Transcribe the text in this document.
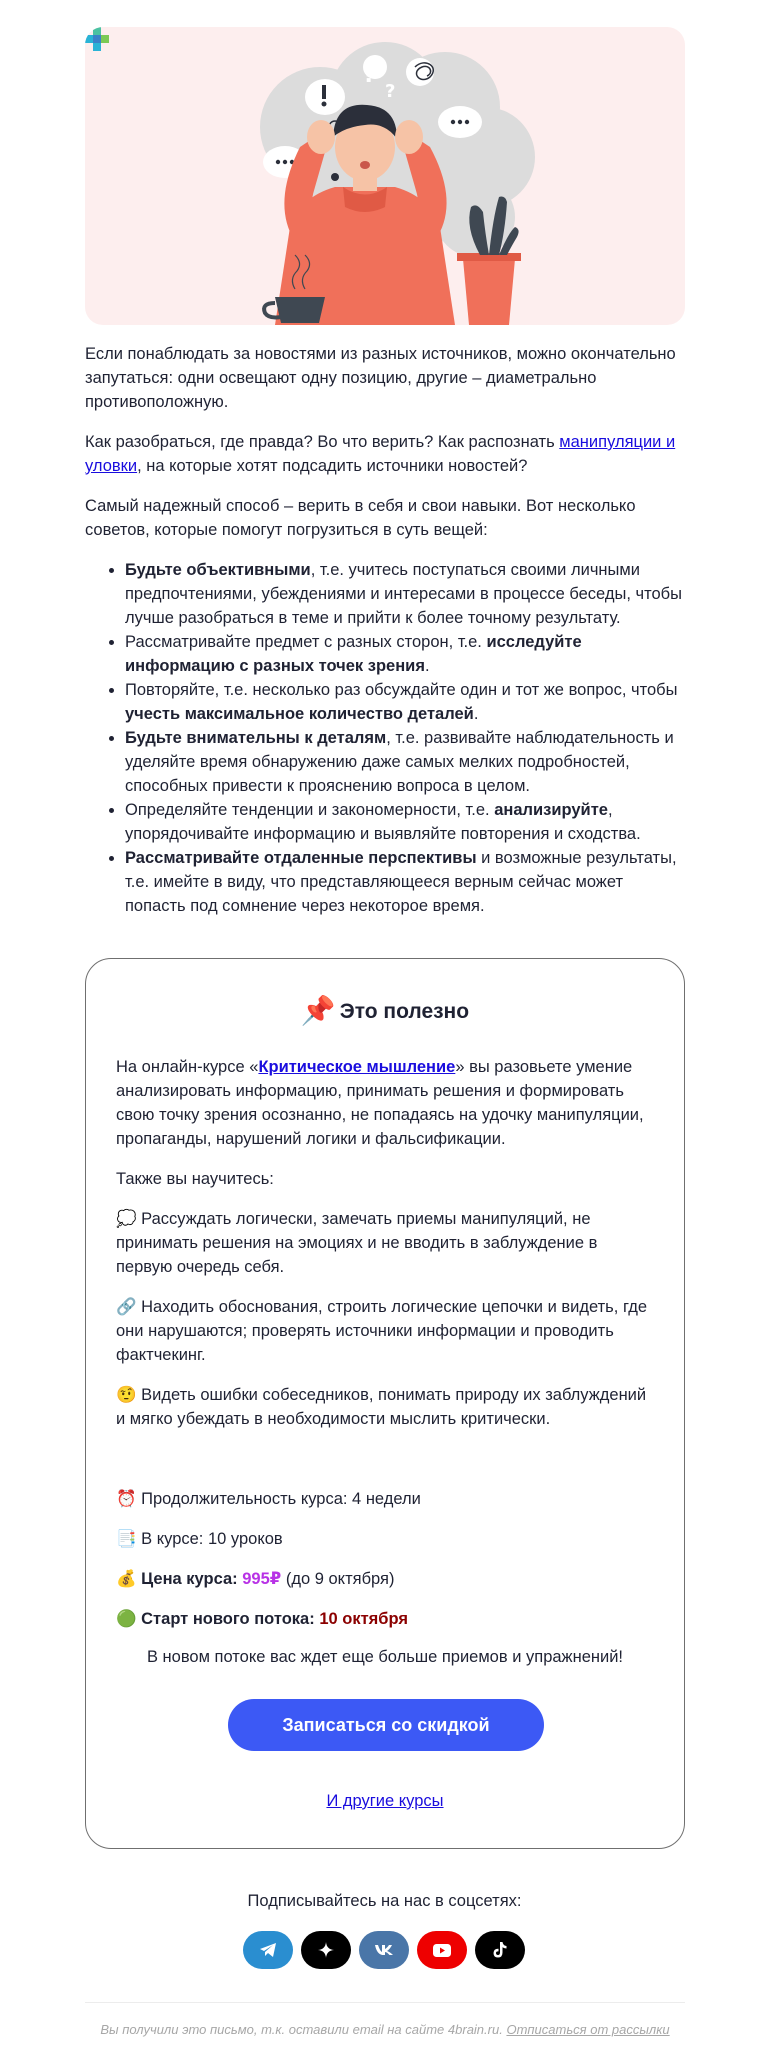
?
?

Если понаблюдать за новостями из разных источников, можно окончательно запутаться: одни освещают одну позицию, другие – диаметрально противоположную.

Как разобраться, где правда? Во что верить? Как распознать манипуляции и уловки, на которые хотят подсадить источники новостей?

Самый надежный способ – верить в себя и свои навыки. Вот несколько советов, которые помогут погрузиться в суть вещей:

• Будьте объективными, т.е. учитесь поступаться своими личными предпочтениями, убеждениями и интересами в процессе беседы, чтобы лучше разобраться в теме и прийти к более точному результату.
• Рассматривайте предмет с разных сторон, т.е. исследуйте информацию с разных точек зрения.
• Повторяйте, т.е. несколько раз обсуждайте один и тот же вопрос, чтобы учесть максимальное количество деталей.
• Будьте внимательны к деталям, т.е. развивайте наблюдательность и уделяйте время обнаружению даже самых мелких подробностей, способных привести к прояснению вопроса в целом.
• Определяйте тенденции и закономерности, т.е. анализируйте, упорядочивайте информацию и выявляйте повторения и сходства.
• Рассматривайте отдаленные перспективы и возможные результаты, т.е. имейте в виду, что представляющееся верным сейчас может попасть под сомнение через некоторое время.
📌 Это полезно

На онлайн-курсе «Критическое мышление» вы разовьете умение анализировать информацию, принимать решения и формировать свою точку зрения осознанно, не попадаясь на удочку манипуляции, пропаганды, нарушений логики и фальсификации.

Также вы научитесь:

💭 Рассуждать логически, замечать приемы манипуляций, не принимать решения на эмоциях и не вводить в заблуждение в первую очередь себя.

🔗 Находить обоснования, строить логические цепочки и видеть, где они нарушаются; проверять источники информации и проводить фактчекинг.

🤨 Видеть ошибки собеседников, понимать природу их заблуждений и мягко убеждать в необходимости мыслить критически.

⏰ Продолжительность курса: 4 недели
📑 В курсе: 10 уроков
💰 Цена курса: 995₽ (до 9 октября)
🟢 Старт нового потока: 10 октября
В новом потоке вас ждет еще больше приемов и упражнений!
Записаться со скидкой
И другие курсы
Подписывайтесь на нас в соцсетях:
Вы получили это письмо, т.к. оставили email на сайте 4brain.ru. Отписаться от рассылки
